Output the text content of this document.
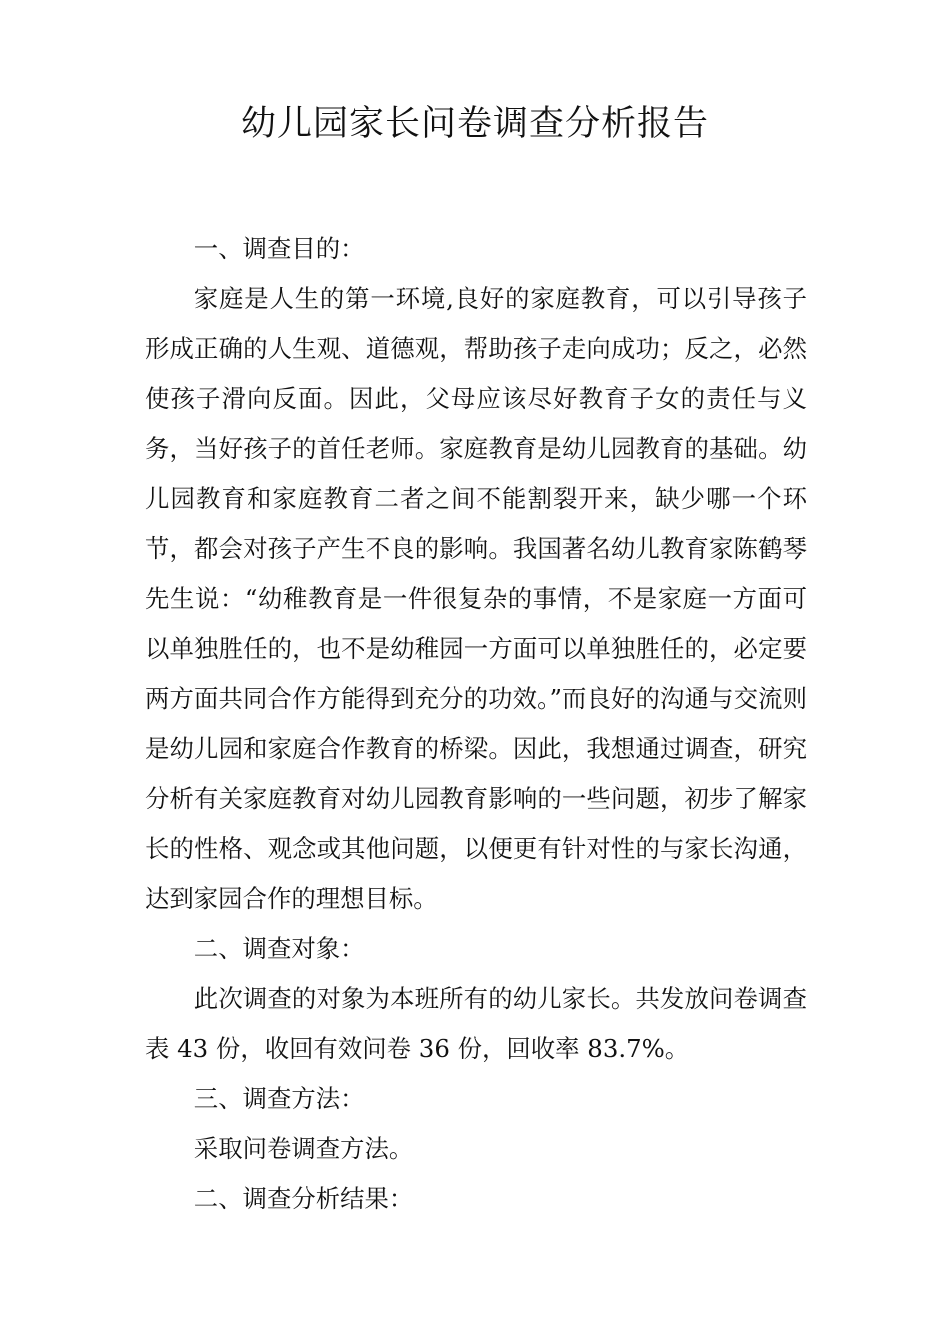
幼儿园家长问卷调查分析报告

一、调查目的：

家庭是人生的第一环境,良好的家庭教育，可以引导孩子形成正确的人生观、道德观，帮助孩子走向成功；反之，必然使孩子滑向反面。因此，父母应该尽好教育子女的责任与义务，当好孩子的首任老师。家庭教育是幼儿园教育的基础。幼儿园教育和家庭教育二者之间不能割裂开来，缺少哪一个环节，都会对孩子产生不良的影响。我国著名幼儿教育家陈鹤琴先生说：“幼稚教育是一件很复杂的事情，不是家庭一方面可以单独胜任的，也不是幼稚园一方面可以单独胜任的，必定要两方面共同合作方能得到充分的功效。”而良好的沟通与交流则是幼儿园和家庭合作教育的桥梁。因此，我想通过调查，研究分析有关家庭教育对幼儿园教育影响的一些问题，初步了解家长的性格、观念或其他问题，以便更有针对性的与家长沟通，达到家园合作的理想目标。

二、调查对象：

此次调查的对象为本班所有的幼儿家长。共发放问卷调查表 43 份，收回有效问卷 36 份，回收率 83.7%。

三、调查方法：

采取问卷调查方法。

二、调查分析结果：
